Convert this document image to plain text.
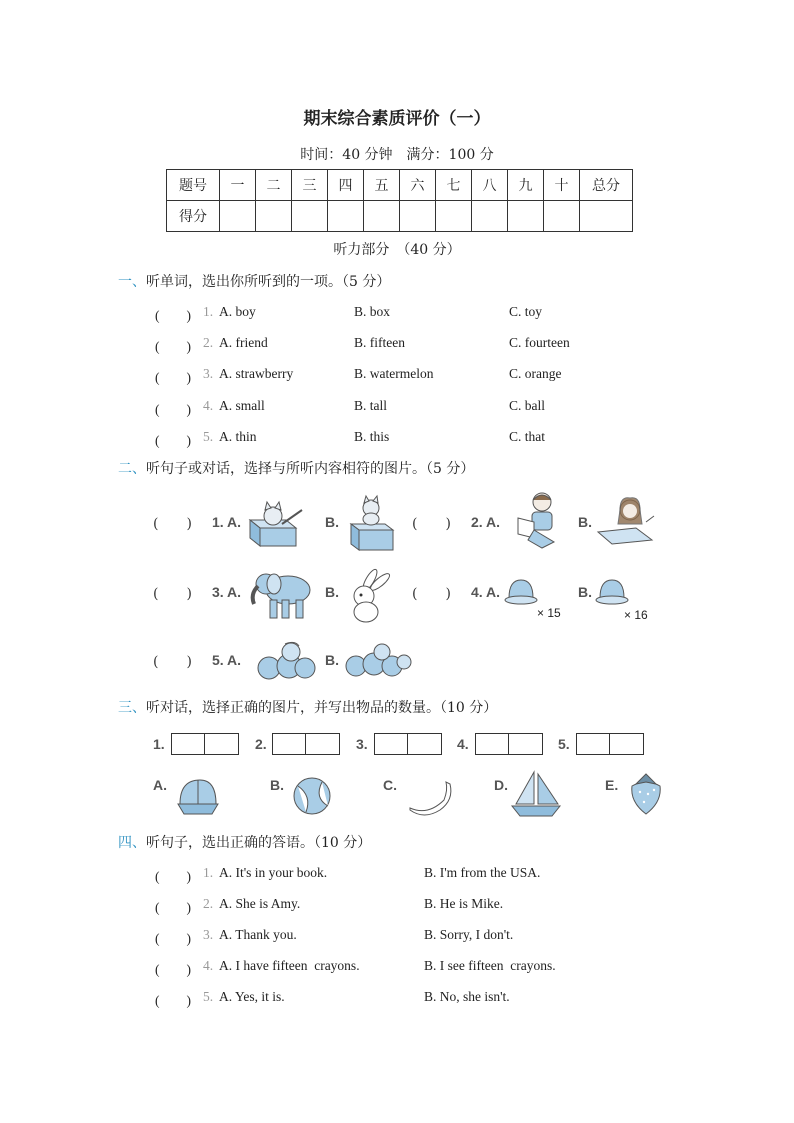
期末综合素质评价（一）
时间：40 分钟　满分：100 分
题号	一	二	三	四	五	六	七	八	九	十	总分
得分											
听力部分　（40 分）
一、听单词，选出你所听到的一项。（5 分）
(　　) 1. A. boy	B. box	C. toy
(　　) 2. A. friend	B. fifteen	C. fourteen
(　　) 3. A. strawberry	B. watermelon	C. orange
(　　) 4. A. small	B. tall	C. ball
(　　) 5. A. thin	B. this	C. that
二、听句子或对话，选择与所听内容相符的图片。（5 分）
(　　) 1. A.	B.	(　　) 2. A.	B.
(　　) 3. A.	B.	(　　) 4. A.
× 15
B.
× 16
(　　) 5. A.	B.
三、听对话，选择正确的图片，并写出物品的数量。（10 分）
1.	2.	3.	4.	5.
A.	B.	C.	D.	E.
四、听句子，选出正确的答语。（10 分）
(　　) 1. A. It's in your book.	B. I'm from the USA.
(　　) 2. A. She is Amy.	B. He is Mike.
(　　) 3. A. Thank you.	B. Sorry, I don't.
(　　) 4. A. I have fifteen  crayons.	B. I see fifteen  crayons.
(　　) 5. A. Yes, it is.	B. No, she isn't.
